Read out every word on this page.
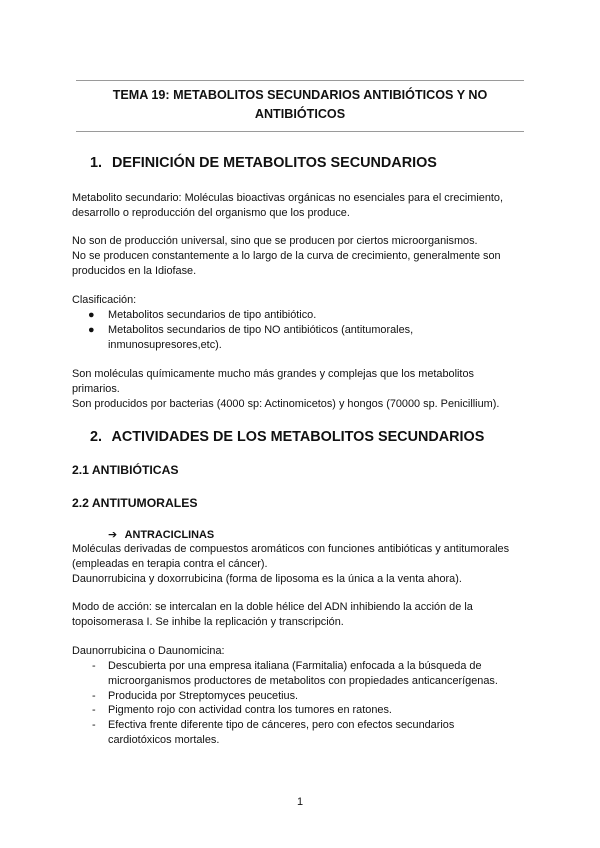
TEMA 19: METABOLITOS SECUNDARIOS ANTIBIÓTICOS Y NO
ANTIBIÓTICOS
1. DEFINICIÓN DE METABOLITOS SECUNDARIOS
Metabolito secundario: Moléculas bioactivas orgánicas no esenciales para el crecimiento,
desarrollo o reproducción del organismo que los produce.
No son de producción universal, sino que se producen por ciertos microorganismos.
No se producen constantemente a lo largo de la curva de crecimiento, generalmente son
producidos en la Idiofase.
Clasificación:
● Metabolitos secundarios de tipo antibiótico.
● Metabolitos secundarios de tipo NO antibióticos (antitumorales,
inmunosupresores,etc).
Son moléculas químicamente mucho más grandes y complejas que los metabolitos
primarios.
Son producidos por bacterias (4000 sp: Actinomicetos) y hongos (70000 sp. Penicillium).
2. ACTIVIDADES DE LOS METABOLITOS SECUNDARIOS
2.1 ANTIBIÓTICAS
2.2 ANTITUMORALES
➔ ANTRACICLINAS
Moléculas derivadas de compuestos aromáticos con funciones antibióticas y antitumorales
(empleadas en terapia contra el cáncer).
Daunorrubicina y doxorrubicina (forma de liposoma es la única a la venta ahora).
Modo de acción: se intercalan en la doble hélice del ADN inhibiendo la acción de la
topoisomerasa I. Se inhibe la replicación y transcripción.
Daunorrubicina o Daunomicina:
- Descubierta por una empresa italiana (Farmitalia) enfocada a la búsqueda de
microorganismos productores de metabolitos con propiedades anticancerígenas.
- Producida por Streptomyces peucetius.
- Pigmento rojo con actividad contra los tumores en ratones.
- Efectiva frente diferente tipo de cánceres, pero con efectos secundarios
cardiotóxicos mortales.
1
